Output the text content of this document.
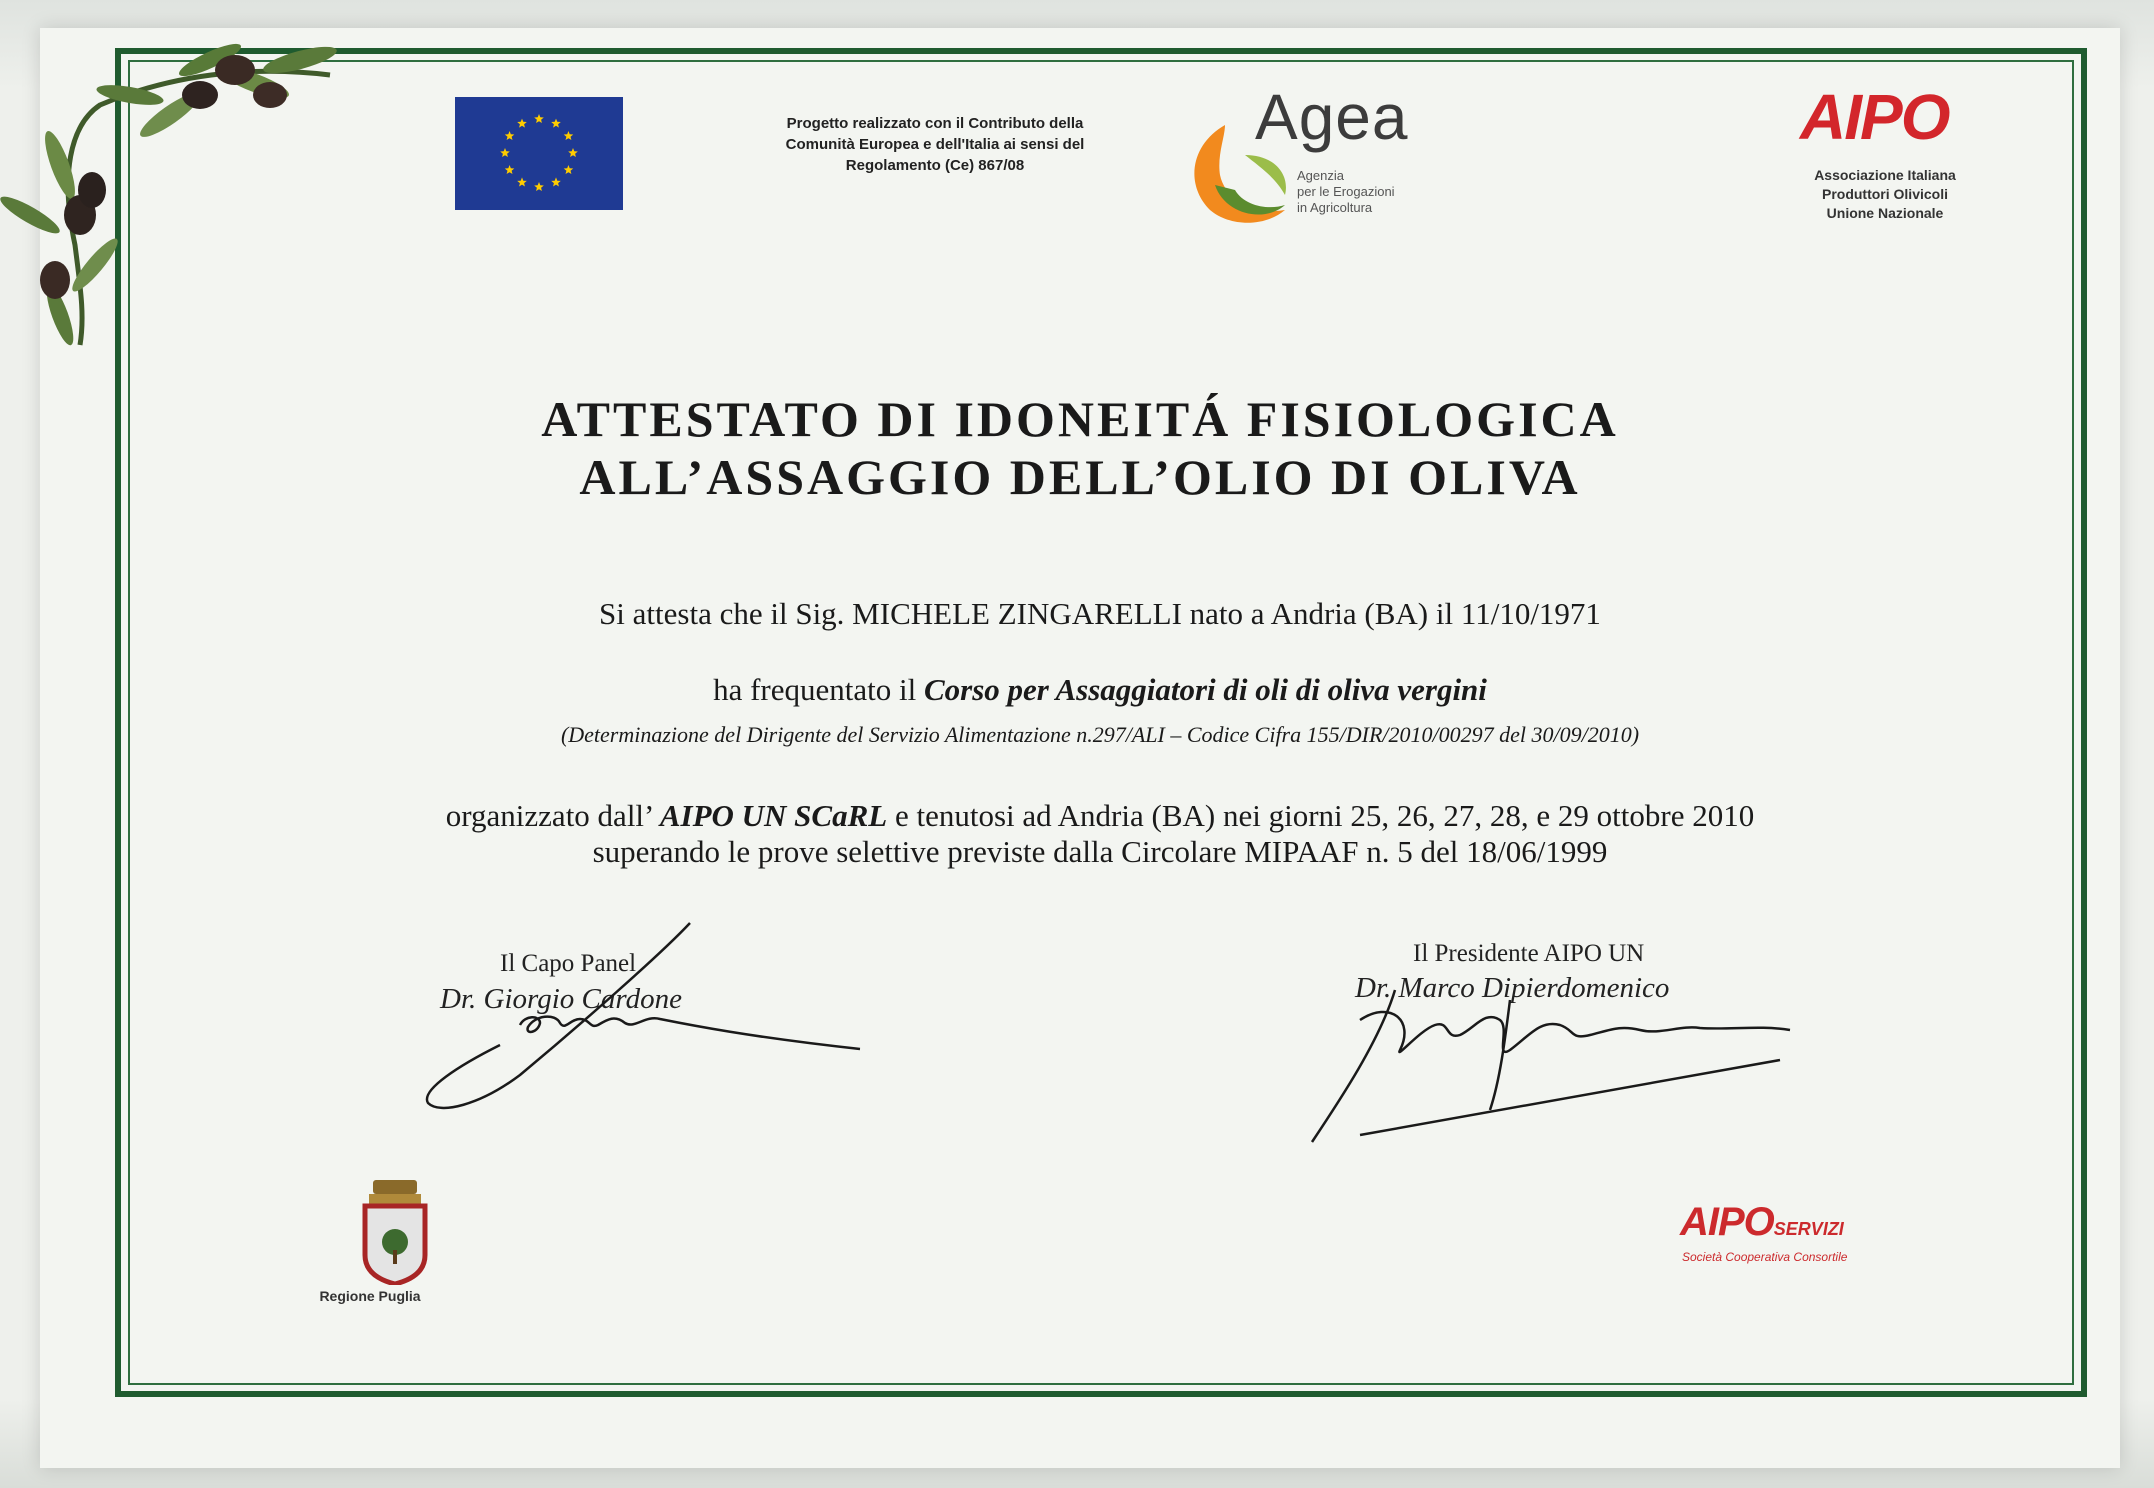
Progetto realizzato con il Contributo della
Comunità Europea e dell'Italia ai sensi del
Regolamento (Ce) 867/08
Agea
Agenzia
per le Erogazioni
in Agricoltura
AIPO
Associazione Italiana
Produttori Olivicoli
Unione Nazionale
ATTESTATO DI IDONEITÁ FISIOLOGICA
ALL’ASSAGGIO DELL’OLIO DI OLIVA
Si attesta che il Sig. MICHELE ZINGARELLI nato a Andria (BA) il 11/10/1971
ha frequentato il Corso per Assaggiatori di oli di oliva vergini
(Determinazione del Dirigente del Servizio Alimentazione n.297/ALI – Codice Cifra 155/DIR/2010/00297 del 30/09/2010)
organizzato dall’ AIPO UN SCaRL e tenutosi ad Andria (BA) nei giorni 25, 26, 27, 28, e 29 ottobre 2010
superando le prove selettive previste dalla Circolare MIPAAF n. 5 del 18/06/1999
Il Capo Panel
Dr. Giorgio Cardone
Il Presidente AIPO UN
Dr. Marco Dipierdomenico
Regione Puglia
AIPOSERVIZI
Società Cooperativa Consortile
